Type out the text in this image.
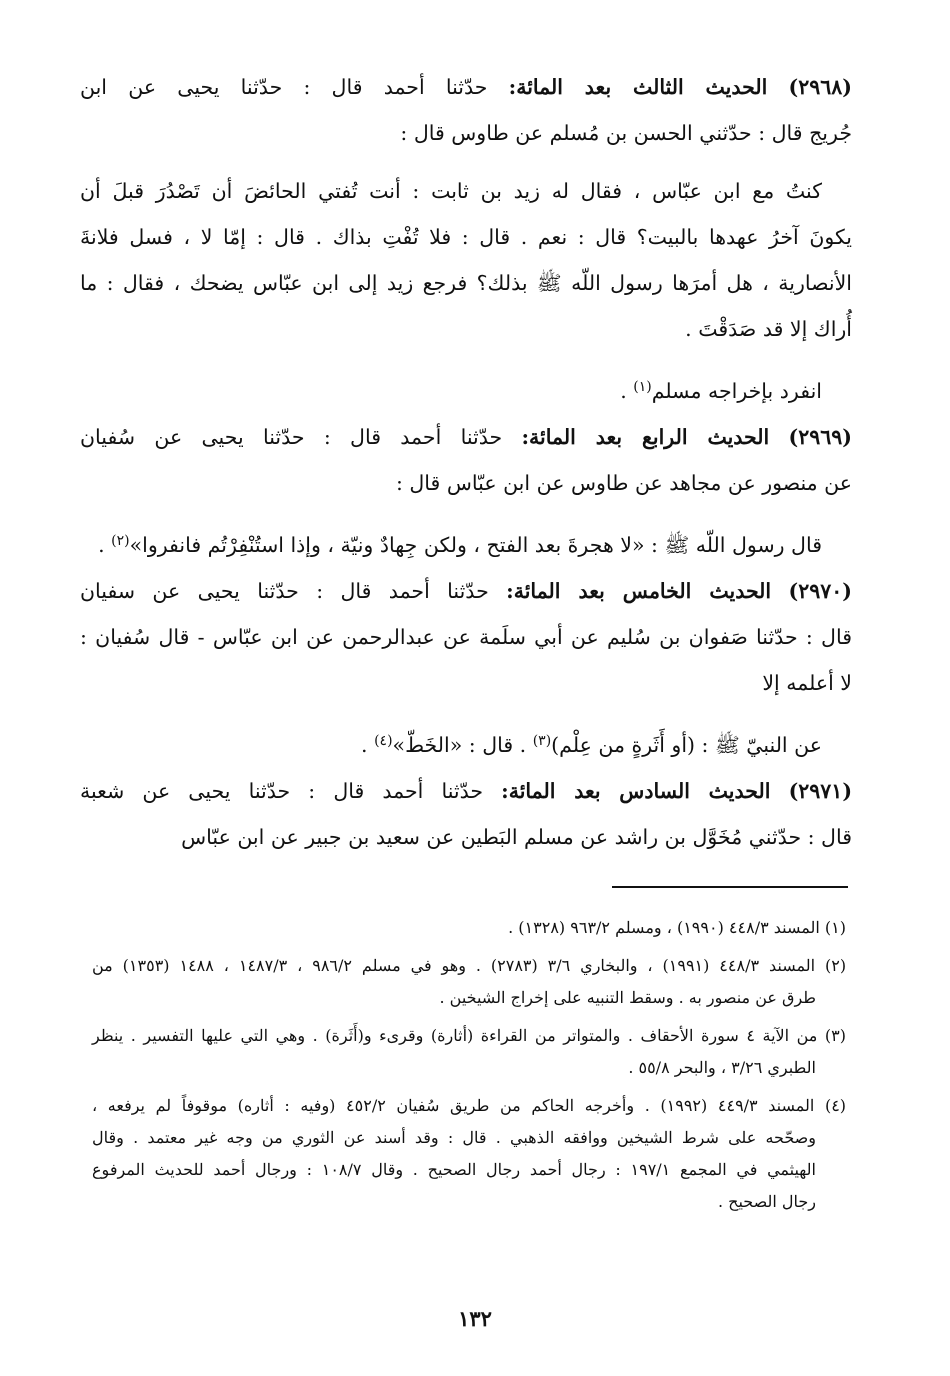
(٢٩٦٨) الحديث الثالث بعد المائة: حدّثنا أحمد قال : حدّثنا يحيى عن ابن
جُريج قال : حدّثني الحسن بن مُسلم عن طاوس قال :
كنتُ مع ابن عبّاس ، فقال له زيد بن ثابت : أنت تُفتي الحائضَ أن تَصْدُرَ قبلَ أن
يكونَ آخرُ عهدها بالبيت؟ قال : نعم . قال : فلا تُفْتِ بذاك . قال : إمّا لا ، فسل فلانةَ
الأنصارية ، هل أمرَها رسول اللّه ﷺ بذلك؟ فرجع زيد إلى ابن عبّاس يضحك ، فقال : ما
أُراك إلا قد صَدَقْتَ .
انفرد بإخراجه مسلم$^{(١)}$ .
(٢٩٦٩) الحديث الرابع بعد المائة: حدّثنا أحمد قال : حدّثنا يحيى عن سُفيان
عن منصور عن مجاهد عن طاوس عن ابن عبّاس قال :
قال رسول اللّه ﷺ : «لا هجرةَ بعد الفتح ، ولكن جِهادٌ ونيّة ، وإذا استُنْفِرْتُم فانفروا»$^{(٢)}$ .
(٢٩٧٠) الحديث الخامس بعد المائة: حدّثنا أحمد قال : حدّثنا يحيى عن سفيان
قال : حدّثنا صَفوان بن سُليم عن أبي سلَمة عن عبدالرحمن عن ابن عبّاس - قال سُفيان :
لا أعلمه إلا
عن النبيّ ﷺ : (أو أَثَرةٍ من عِلْم)$^{(٣)}$ . قال : «الخَطّ»$^{(٤)}$ .
(٢٩٧١) الحديث السادس بعد المائة: حدّثنا أحمد قال : حدّثنا يحيى عن شعبة
قال : حدّثني مُخَوَّل بن راشد عن مسلم البَطين عن سعيد بن جبير عن ابن عبّاس
(١) المسند ٤٤٨/٣ (١٩٩٠) ، ومسلم ٩٦٣/٢ (١٣٢٨) .
(٢) المسند ٤٤٨/٣ (١٩٩١) ، والبخاري ٣/٦ (٢٧٨٣) . وهو في مسلم ٩٨٦/٢ ، ١٤٨٧/٣ ، ١٤٨٨ (١٣٥٣) من
طرق عن منصور به . وسقط التنبيه على إخراج الشيخين .
(٣) من الآية ٤ سورة الأحقاف . والمتواتر من القراءة (أثارة) وقرىء و(أَثَرة) . وهي التي عليها التفسير . ينظر
الطبري ٣/٢٦ ، والبحر ٥٥/٨ .
(٤) المسند ٤٤٩/٣ (١٩٩٢) . وأخرجه الحاكم من طريق سُفيان ٤٥٢/٢ (وفيه : أثاره) موقوفاً لم يرفعه ،
وصحّحه على شرط الشيخين ووافقه الذهبي . قال : وقد أسند عن الثوري من وجه غير معتمد . وقال
الهيثمي في المجمع ١٩٧/١ : رجال أحمد رجال الصحيح . وقال ١٠٨/٧ : ورجال أحمد للحديث المرفوع
رجال الصحيح .
١٣٢
